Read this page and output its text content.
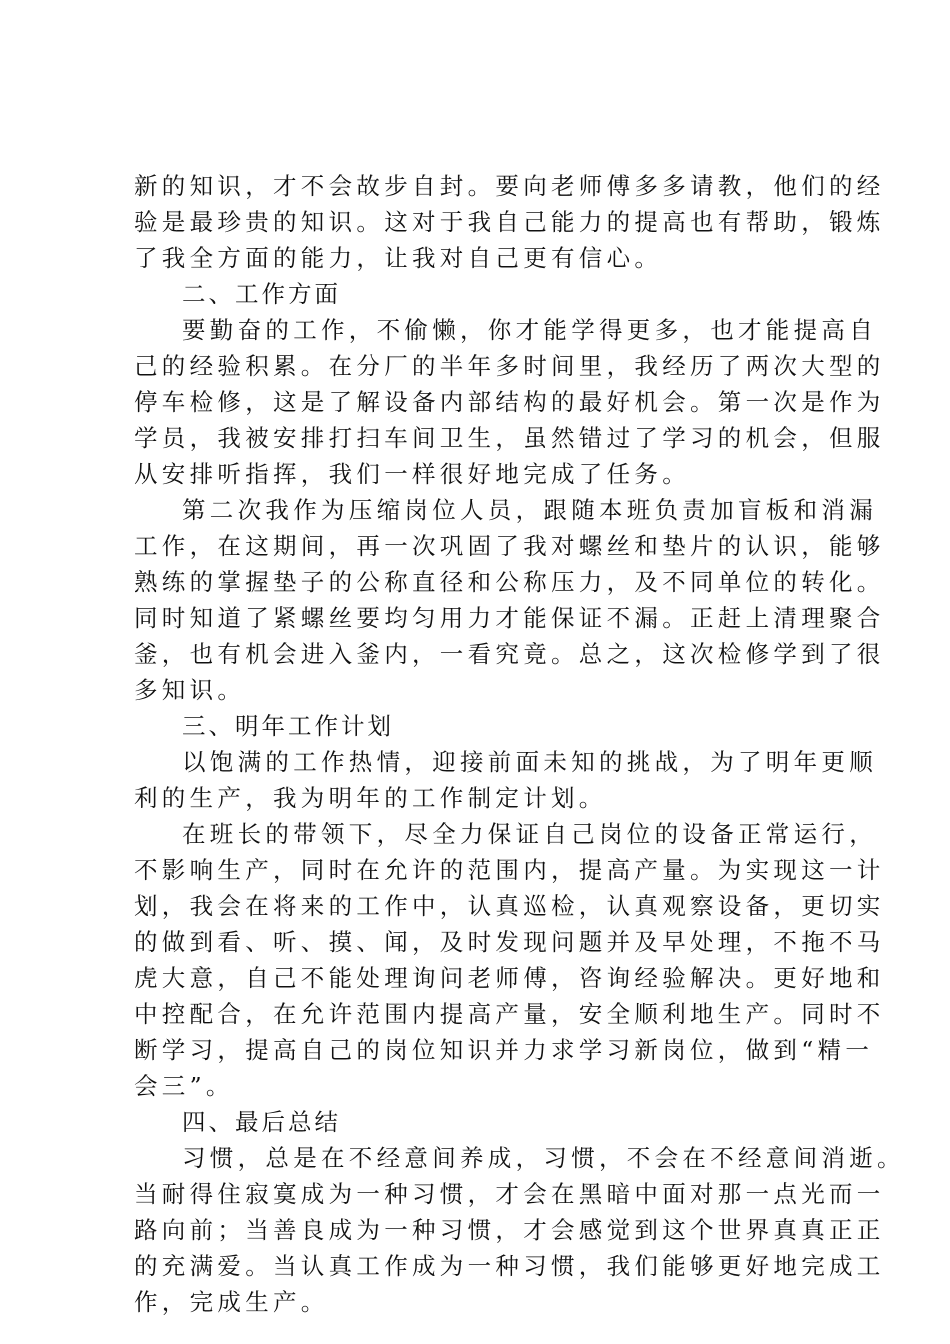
新的知识，才不会故步自封。要向老师傅多多请教，他们的经
验是最珍贵的知识。这对于我自己能力的提高也有帮助，锻炼
了我全方面的能力，让我对自己更有信心。
二、工作方面
要勤奋的工作，不偷懒，你才能学得更多，也才能提高自
己的经验积累。在分厂的半年多时间里，我经历了两次大型的
停车检修，这是了解设备内部结构的最好机会。第一次是作为
学员，我被安排打扫车间卫生，虽然错过了学习的机会，但服
从安排听指挥，我们一样很好地完成了任务。
第二次我作为压缩岗位人员，跟随本班负责加盲板和消漏
工作，在这期间，再一次巩固了我对螺丝和垫片的认识，能够
熟练的掌握垫子的公称直径和公称压力，及不同单位的转化。
同时知道了紧螺丝要均匀用力才能保证不漏。正赶上清理聚合
釜，也有机会进入釜内，一看究竟。总之，这次检修学到了很
多知识。
三、明年工作计划
以饱满的工作热情，迎接前面未知的挑战，为了明年更顺
利的生产，我为明年的工作制定计划。
在班长的带领下，尽全力保证自己岗位的设备正常运行，
不影响生产，同时在允许的范围内，提高产量。为实现这一计
划，我会在将来的工作中，认真巡检，认真观察设备，更切实
的做到看、听、摸、闻，及时发现问题并及早处理，不拖不马
虎大意，自己不能处理询问老师傅，咨询经验解决。更好地和
中控配合，在允许范围内提高产量，安全顺利地生产。同时不
断学习，提高自己的岗位知识并力求学习新岗位，做到“精一
会三”。
四、最后总结
习惯，总是在不经意间养成，习惯，不会在不经意间消逝。
当耐得住寂寞成为一种习惯，才会在黑暗中面对那一点光而一
路向前；当善良成为一种习惯，才会感觉到这个世界真真正正
的充满爱。当认真工作成为一种习惯，我们能够更好地完成工
作，完成生产。
